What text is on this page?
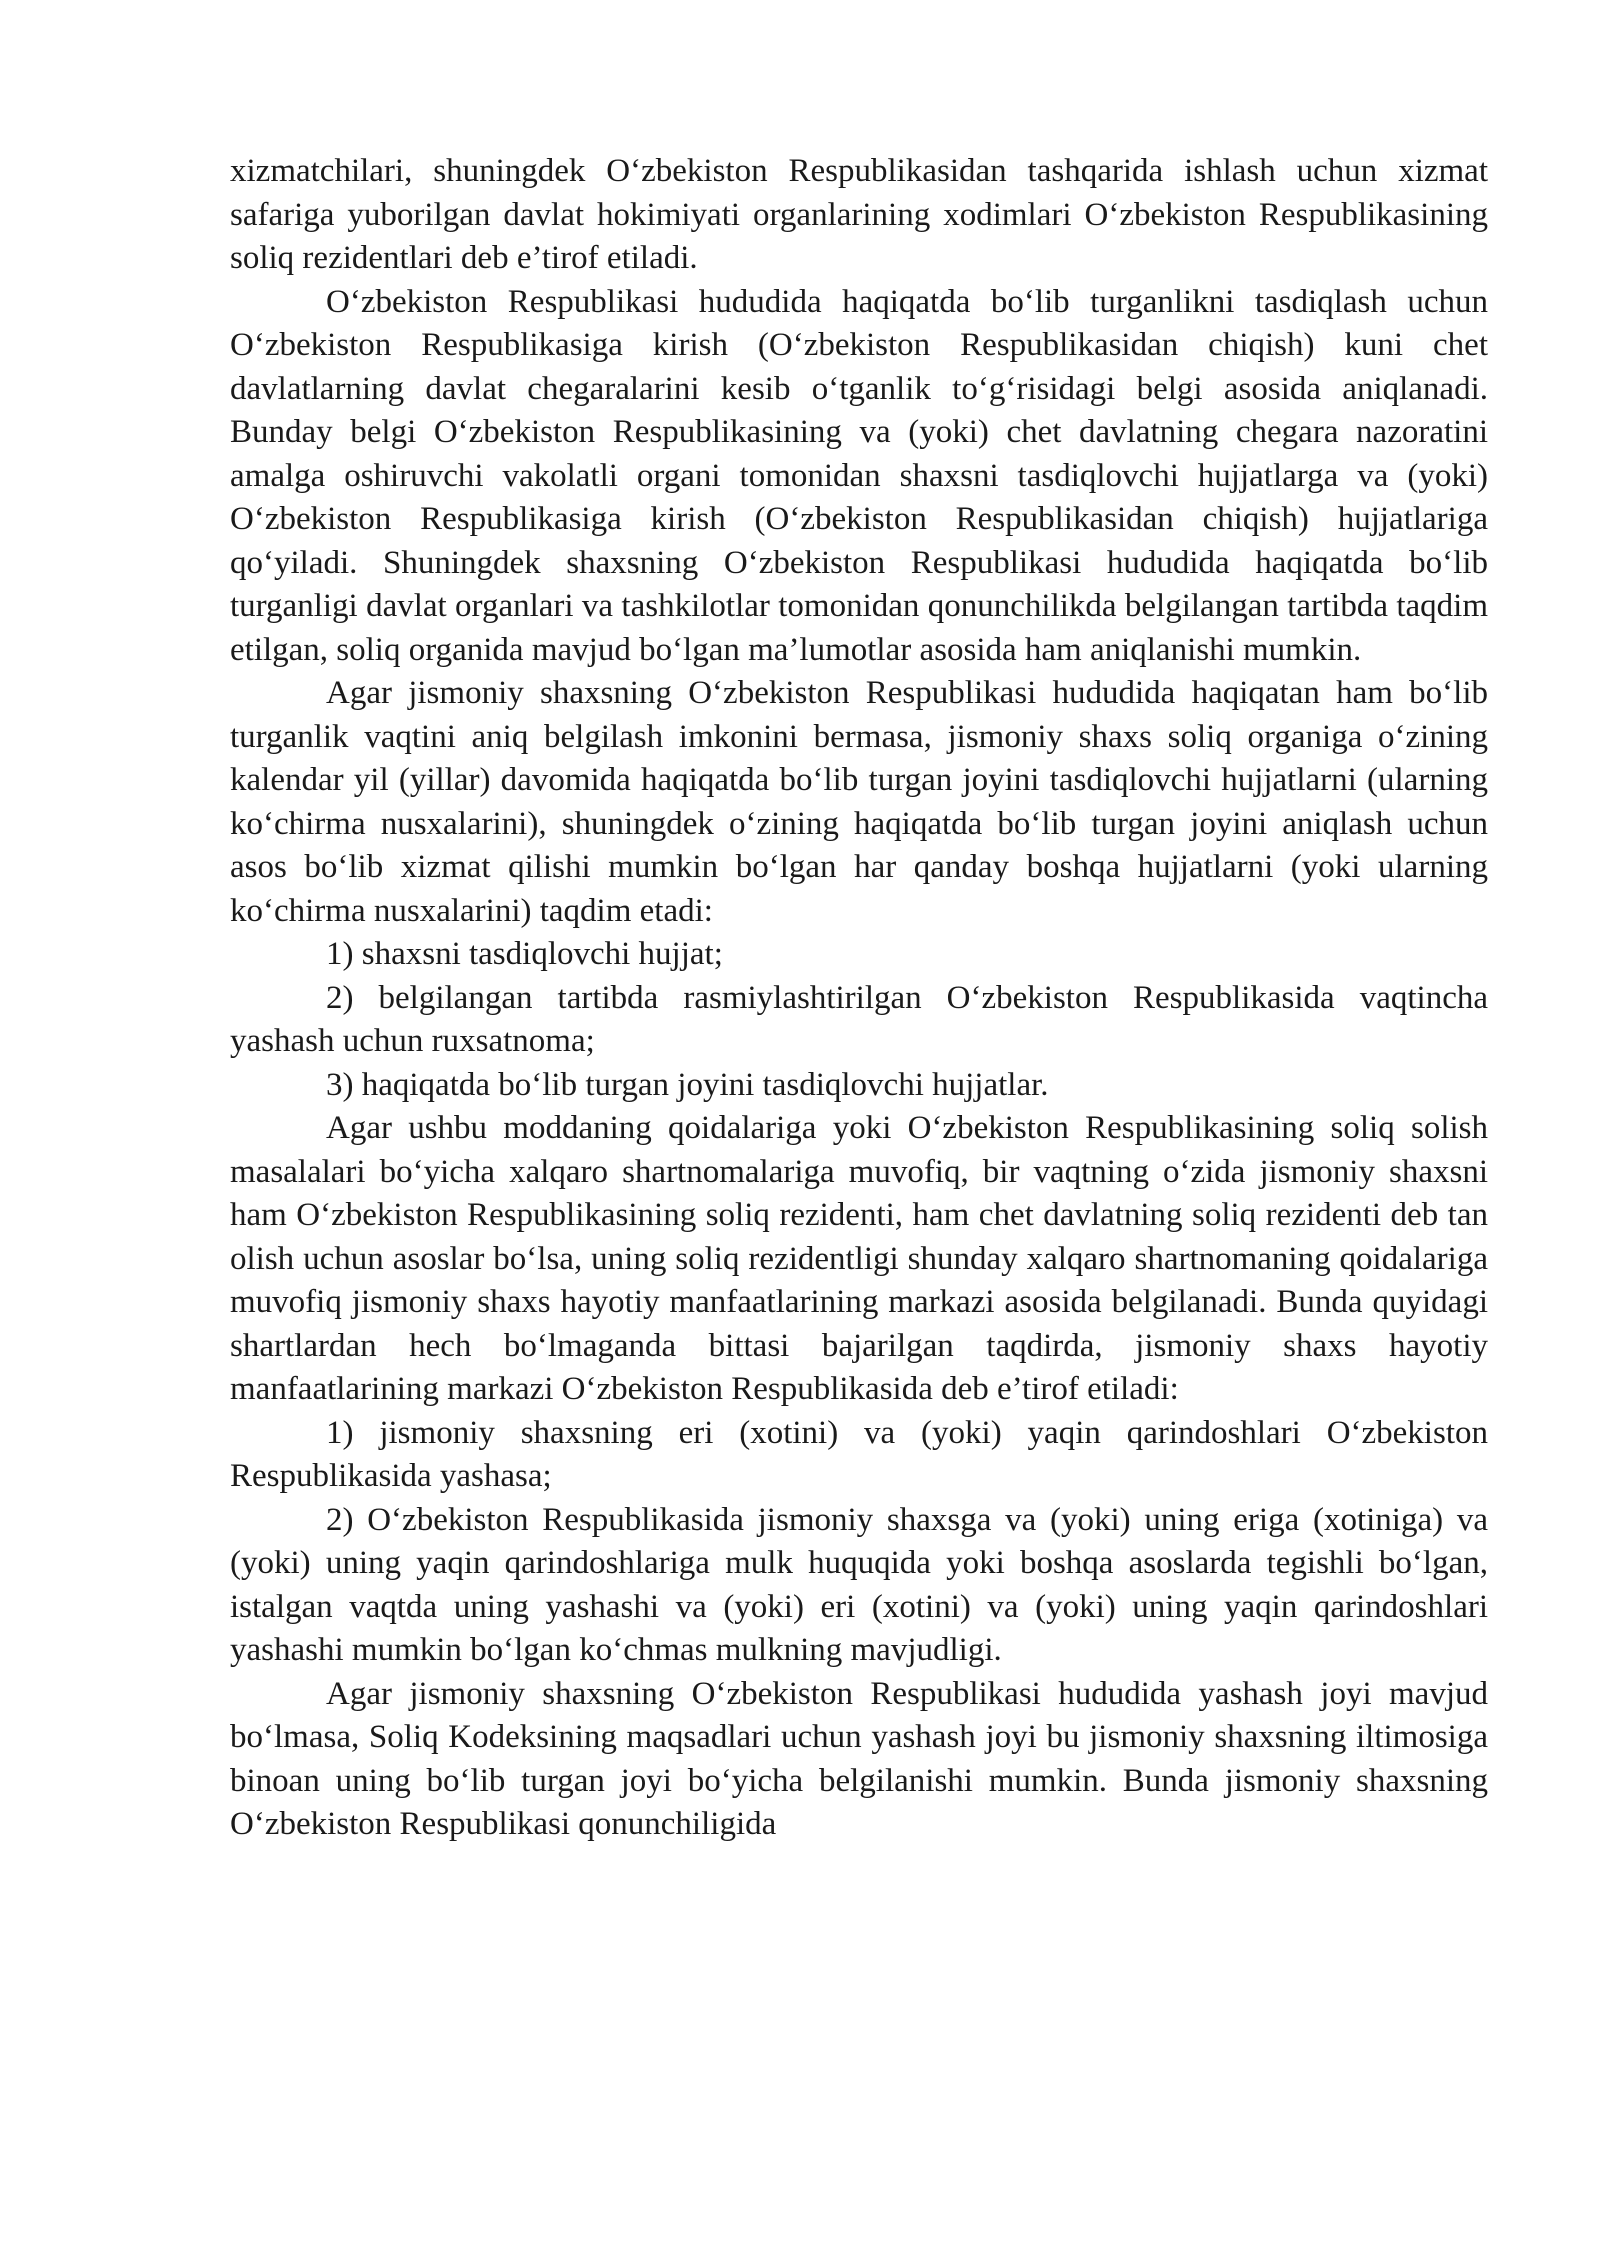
xizmatchilari, shuningdek O‘zbekiston Respublikasidan tashqarida ishlash uchun xizmat safariga yuborilgan davlat hokimiyati organlarining xodimlari O‘zbekiston Respublikasining soliq rezidentlari deb e’tirof etiladi.

O‘zbekiston Respublikasi hududida haqiqatda bo‘lib turganlikni tasdiqlash uchun O‘zbekiston Respublikasiga kirish (O‘zbekiston Respublikasidan chiqish) kuni chet davlatlarning davlat chegaralarini kesib o‘tganlik to‘g‘risidagi belgi asosida aniqlanadi. Bunday belgi O‘zbekiston Respublikasining va (yoki) chet davlatning chegara nazoratini amalga oshiruvchi vakolatli organi tomonidan shaxsni tasdiqlovchi hujjatlarga va (yoki) O‘zbekiston Respublikasiga kirish (O‘zbekiston Respublikasidan chiqish) hujjatlariga qo‘yiladi. Shuningdek shaxsning O‘zbekiston Respublikasi hududida haqiqatda bo‘lib turganligi davlat organlari va tashkilotlar tomonidan qonunchilikda belgilangan tartibda taqdim etilgan, soliq organida mavjud bo‘lgan ma’lumotlar asosida ham aniqlanishi mumkin.

Agar jismoniy shaxsning O‘zbekiston Respublikasi hududida haqiqatan ham bo‘lib turganlik vaqtini aniq belgilash imkonini bermasa, jismoniy shaxs soliq organiga o‘zining kalendar yil (yillar) davomida haqiqatda bo‘lib turgan joyini tasdiqlovchi hujjatlarni (ularning ko‘chirma nusxalarini), shuningdek o‘zining haqiqatda bo‘lib turgan joyini aniqlash uchun asos bo‘lib xizmat qilishi mumkin bo‘lgan har qanday boshqa hujjatlarni (yoki ularning ko‘chirma nusxalarini) taqdim etadi:

1) shaxsni tasdiqlovchi hujjat;

2) belgilangan tartibda rasmiylashtirilgan O‘zbekiston Respublikasida vaqtincha yashash uchun ruxsatnoma;

3) haqiqatda bo‘lib turgan joyini tasdiqlovchi hujjatlar.

Agar ushbu moddaning qoidalariga yoki O‘zbekiston Respublikasining soliq solish masalalari bo‘yicha xalqaro shartnomalariga muvofiq, bir vaqtning o‘zida jismoniy shaxsni ham O‘zbekiston Respublikasining soliq rezidenti, ham chet davlatning soliq rezidenti deb tan olish uchun asoslar bo‘lsa, uning soliq rezidentligi shunday xalqaro shartnomaning qoidalariga muvofiq jismoniy shaxs hayotiy manfaatlarining markazi asosida belgilanadi. Bunda quyidagi shartlardan hech bo‘lmaganda bittasi bajarilgan taqdirda, jismoniy shaxs hayotiy manfaatlarining markazi O‘zbekiston Respublikasida deb e’tirof etiladi:

1) jismoniy shaxsning eri (xotini) va (yoki) yaqin qarindoshlari O‘zbekiston Respublikasida yashasa;

2) O‘zbekiston Respublikasida jismoniy shaxsga va (yoki) uning eriga (xotiniga) va (yoki) uning yaqin qarindoshlariga mulk huquqida yoki boshqa asoslarda tegishli bo‘lgan, istalgan vaqtda uning yashashi va (yoki) eri (xotini) va (yoki) uning yaqin qarindoshlari yashashi mumkin bo‘lgan ko‘chmas mulkning mavjudligi.

Agar jismoniy shaxsning O‘zbekiston Respublikasi hududida yashash joyi mavjud bo‘lmasa, Soliq Kodeksining maqsadlari uchun yashash joyi bu jismoniy shaxsning iltimosiga binoan uning bo‘lib turgan joyi bo‘yicha belgilanishi mumkin. Bunda jismoniy shaxsning O‘zbekiston Respublikasi qonunchiligida
